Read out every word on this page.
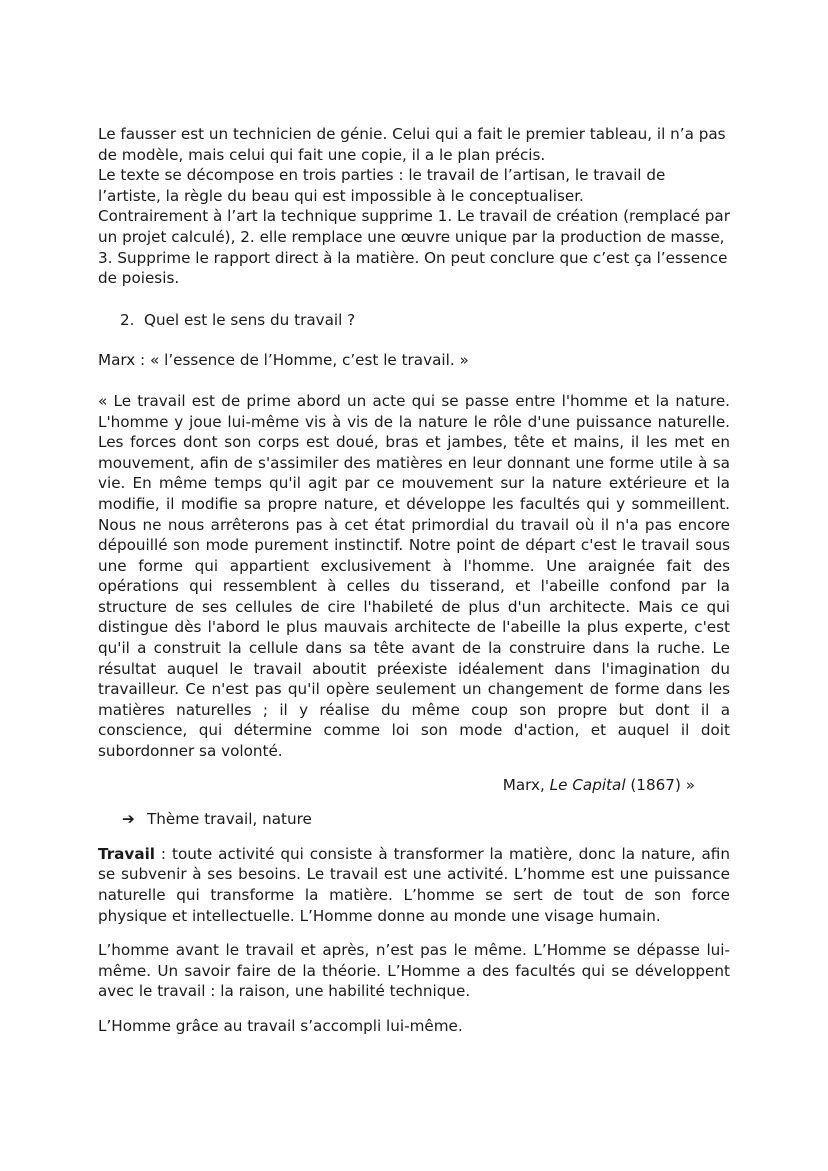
Le fausser est un technicien de génie. Celui qui a fait le premier tableau, il n’a pas de modèle, mais celui qui fait une copie, il a le plan précis.

Le texte se décompose en trois parties : le travail de l’artisan, le travail de l’artiste, la règle du beau qui est impossible à le conceptualiser.

Contrairement à l’art la technique supprime 1. Le travail de création (remplacé par un projet calculé), 2. elle remplace une œuvre unique par la production de masse, 3. Supprime le rapport direct à la matière. On peut conclure que c’est ça l’essence de poiesis.

2. Quel est le sens du travail ?

Marx : « l’essence de l’Homme, c’est le travail. »

« Le travail est de prime abord un acte qui se passe entre l'homme et la nature. L'homme y joue lui-même vis à vis de la nature le rôle d'une puissance naturelle. Les forces dont son corps est doué, bras et jambes, tête et mains, il les met en mouvement, afin de s'assimiler des matières en leur donnant une forme utile à sa vie. En même temps qu'il agit par ce mouvement sur la nature extérieure et la modifie, il modifie sa propre nature, et développe les facultés qui y sommeillent. Nous ne nous arrêterons pas à cet état primordial du travail où il n'a pas encore dépouillé son mode purement instinctif. Notre point de départ c'est le travail sous une forme qui appartient exclusivement à l'homme. Une araignée fait des opérations qui ressemblent à celles du tisserand, et l'abeille confond par la structure de ses cellules de cire l'habileté de plus d'un architecte. Mais ce qui distingue dès l'abord le plus mauvais architecte de l'abeille la plus experte, c'est qu'il a construit la cellule dans sa tête avant de la construire dans la ruche. Le résultat auquel le travail aboutit préexiste idéalement dans l'imagination du travailleur. Ce n'est pas qu'il opère seulement un changement de forme dans les matières naturelles ; il y réalise du même coup son propre but dont il a conscience, qui détermine comme loi son mode d'action, et auquel il doit subordonner sa volonté.

Marx, Le Capital (1867) »
➔ Thème travail, nature

Travail : toute activité qui consiste à transformer la matière, donc la nature, afin se subvenir à ses besoins. Le travail est une activité. L’homme est une puissance naturelle qui transforme la matière. L’homme se sert de tout de son force physique et intellectuelle. L’Homme donne au monde une visage humain.

L’homme avant le travail et après, n’est pas le même. L’Homme se dépasse lui-même. Un savoir faire de la théorie. L’Homme a des facultés qui se développent avec le travail : la raison, une habilité technique.

L’Homme grâce au travail s’accompli lui-même.
